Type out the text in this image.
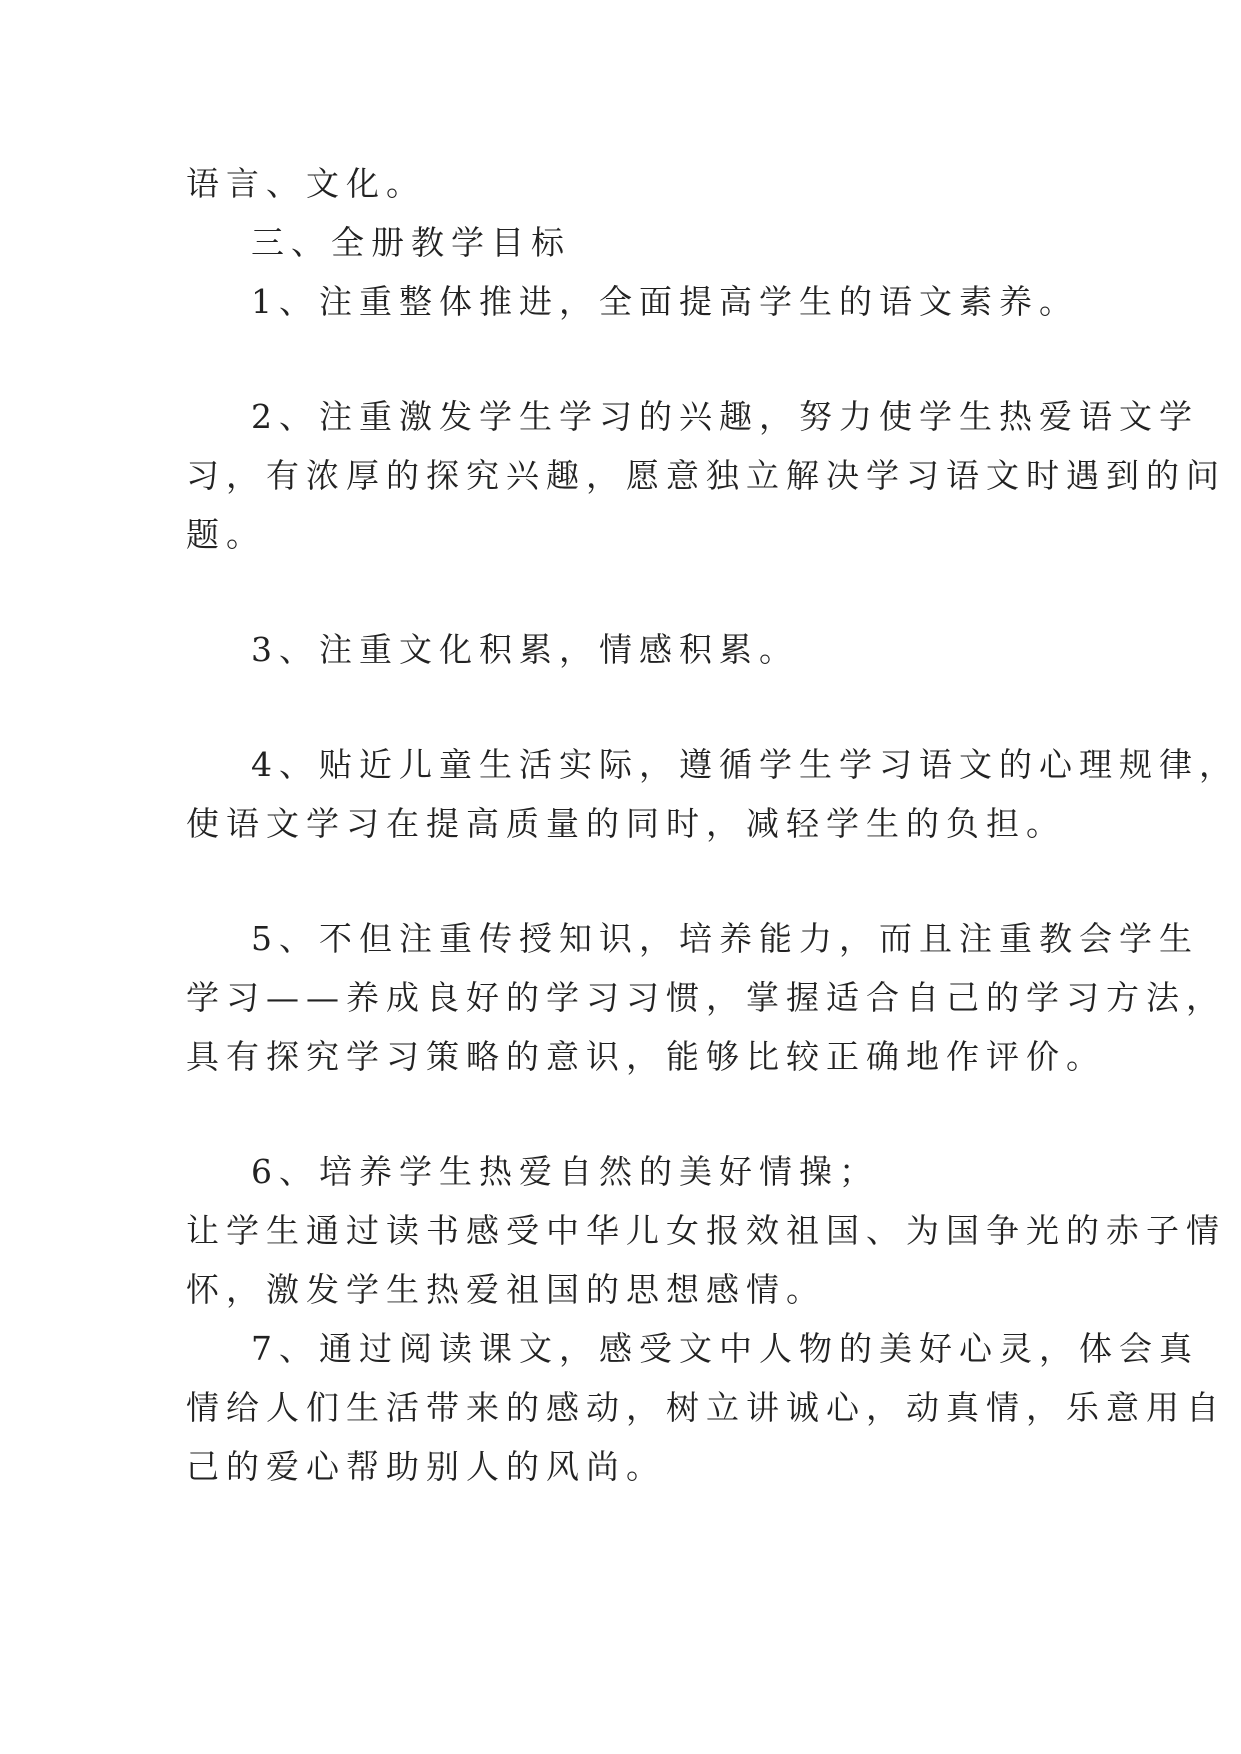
语言、文化。
三、全册教学目标
1、注重整体推进，全面提高学生的语文素养。
2、注重激发学生学习的兴趣，努力使学生热爱语文学
习，有浓厚的探究兴趣，愿意独立解决学习语文时遇到的问
题。
3、注重文化积累，情感积累。
4、贴近儿童生活实际，遵循学生学习语文的心理规律，
使语文学习在提高质量的同时，减轻学生的负担。
5、不但注重传授知识，培养能力，而且注重教会学生
学习——养成良好的学习习惯，掌握适合自己的学习方法，
具有探究学习策略的意识，能够比较正确地作评价。
6、培养学生热爱自然的美好情操；
让学生通过读书感受中华儿女报效祖国、为国争光的赤子情
怀，激发学生热爱祖国的思想感情。
7、通过阅读课文，感受文中人物的美好心灵，体会真
情给人们生活带来的感动，树立讲诚心，动真情，乐意用自
己的爱心帮助别人的风尚。
